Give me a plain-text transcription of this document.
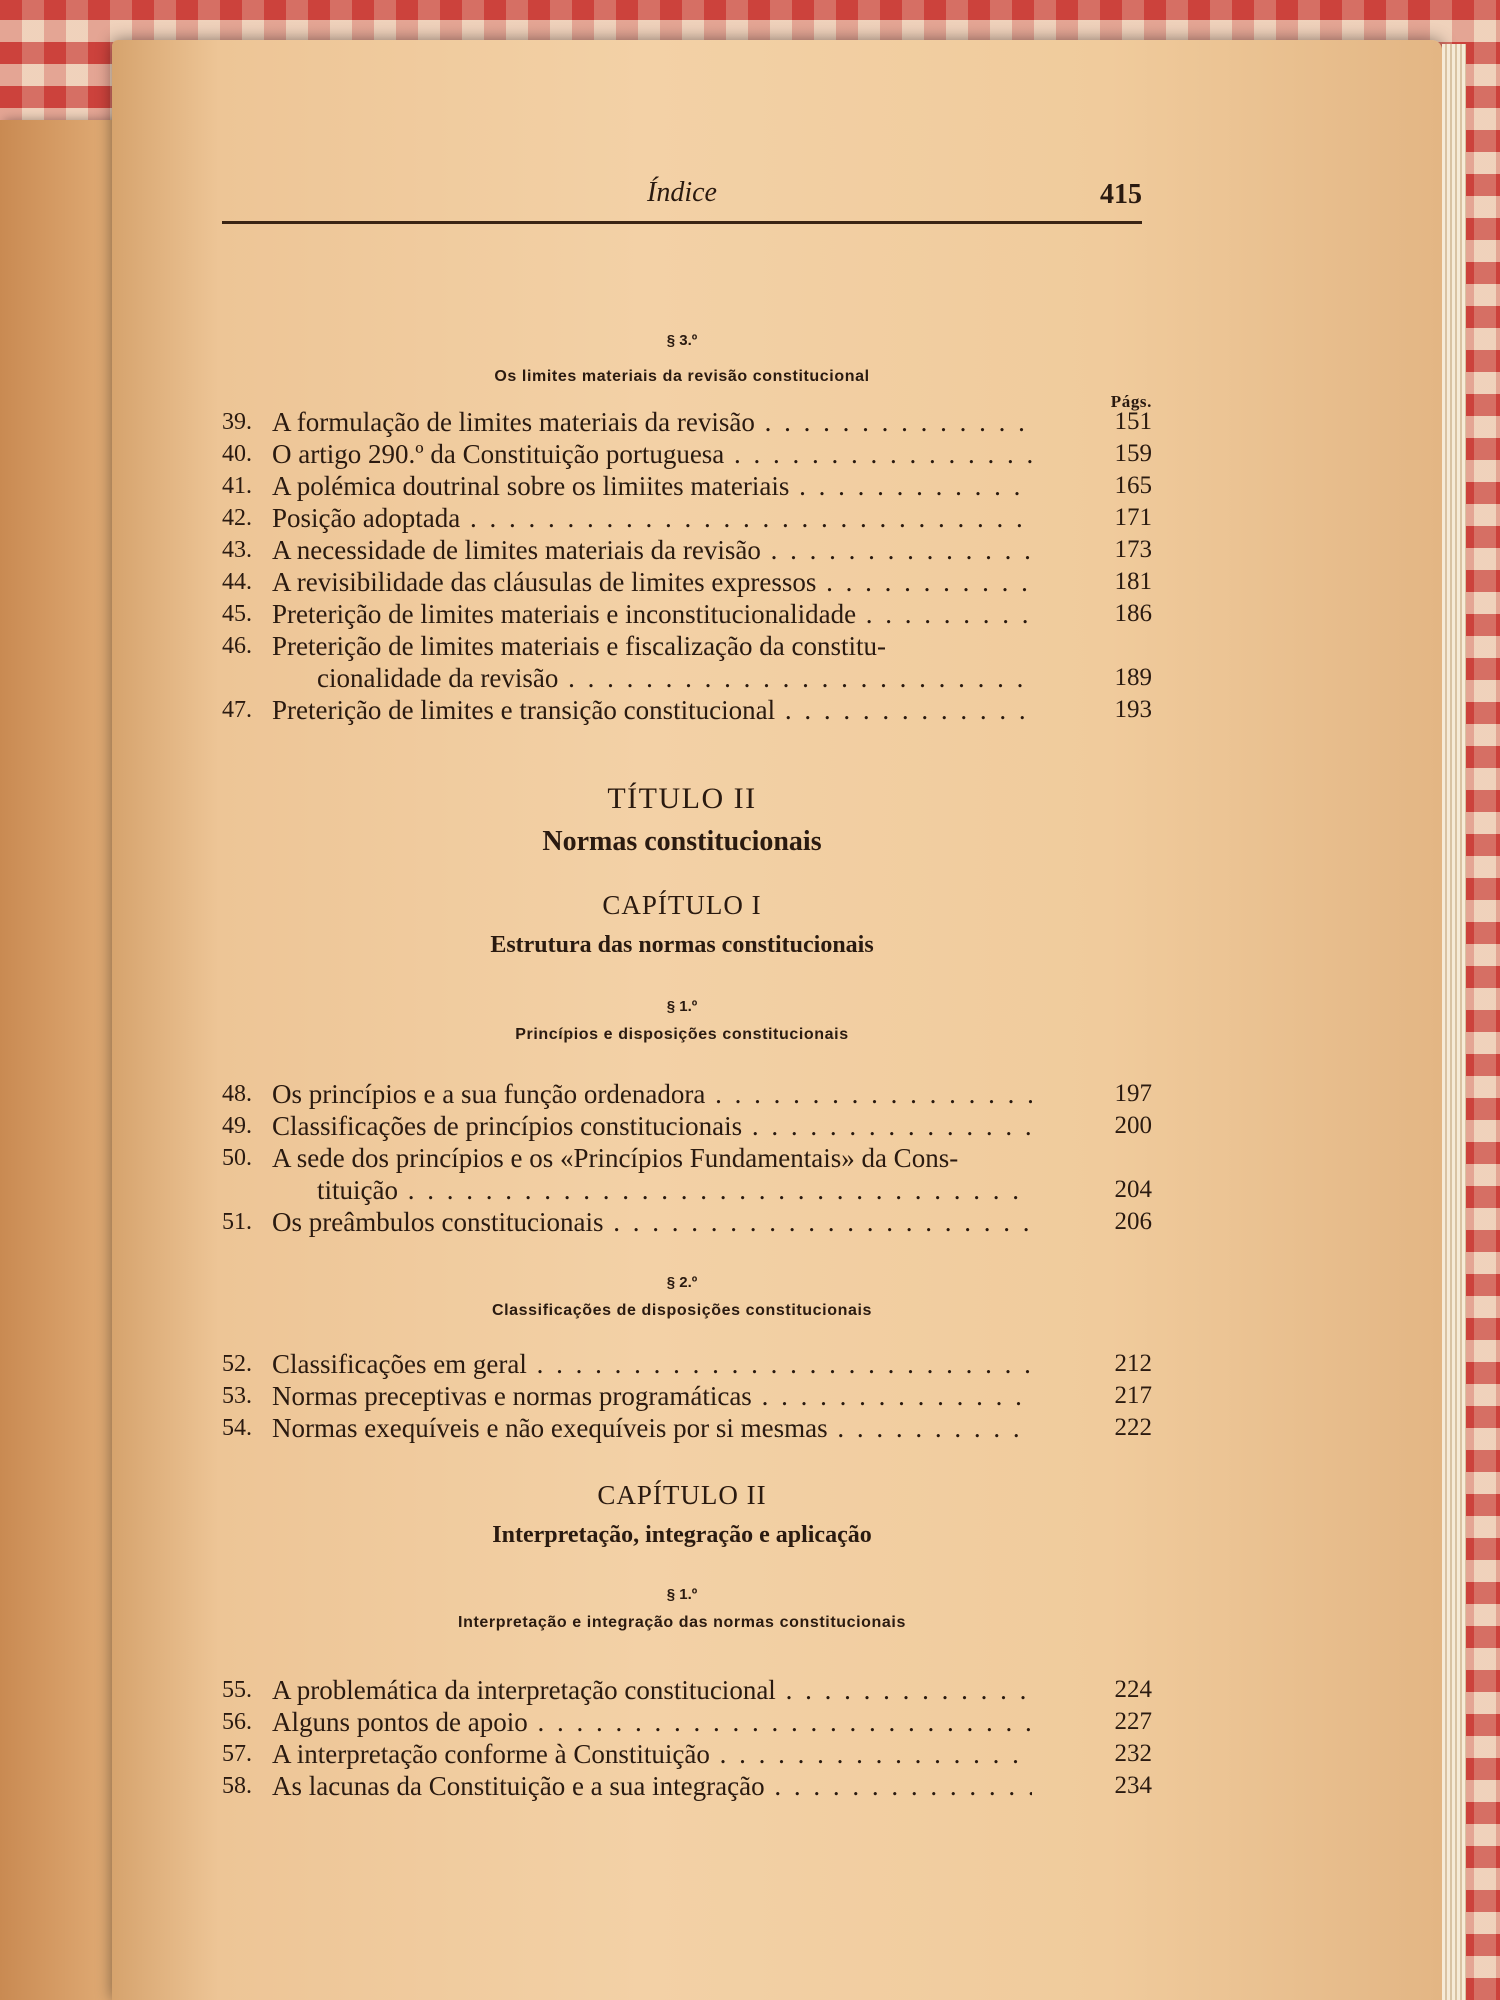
Índice	415
§ 3.º
Os limites materiais da revisão constitucional
Págs.
39. A formulação de limites materiais da revisão . . .	151
40. O artigo 290.º da Constituição portuguesa . . .	159
41. A polémica doutrinal sobre os limiites materiais . . .	165
42. Posição adoptada . . .	171
43. A necessidade de limites materiais da revisão . . .	173
44. A revisibilidade das cláusulas de limites expressos . . .	181
45. Preterição de limites materiais e inconstitucionalidade . . .	186
46. Preterição de limites materiais e fiscalização da constitu-
cionalidade da revisão . . .	189
47. Preterição de limites e transição constitucional . . .	193
TÍTULO II
Normas constitucionais
CAPÍTULO I
Estrutura das normas constitucionais
§ 1.º
Princípios e disposições constitucionais
48. Os princípios e a sua função ordenadora . . .	197
49. Classificações de princípios constitucionais . . .	200
50. A sede dos princípios e os «Princípios Fundamentais» da Cons-
tituição . . .	204
51. Os preâmbulos constitucionais . . .	206
§ 2.º
Classificações de disposições constitucionais
52. Classificações em geral . . .	212
53. Normas preceptivas e normas programáticas . . .	217
54. Normas exequíveis e não exequíveis por si mesmas . . .	222
CAPÍTULO II
Interpretação, integração e aplicação
§ 1.º
Interpretação e integração das normas constitucionais
55. A problemática da interpretação constitucional . . .	224
56. Alguns pontos de apoio . . .	227
57. A interpretação conforme à Constituição . . .	232
58. As lacunas da Constituição e a sua integração . . .	234
